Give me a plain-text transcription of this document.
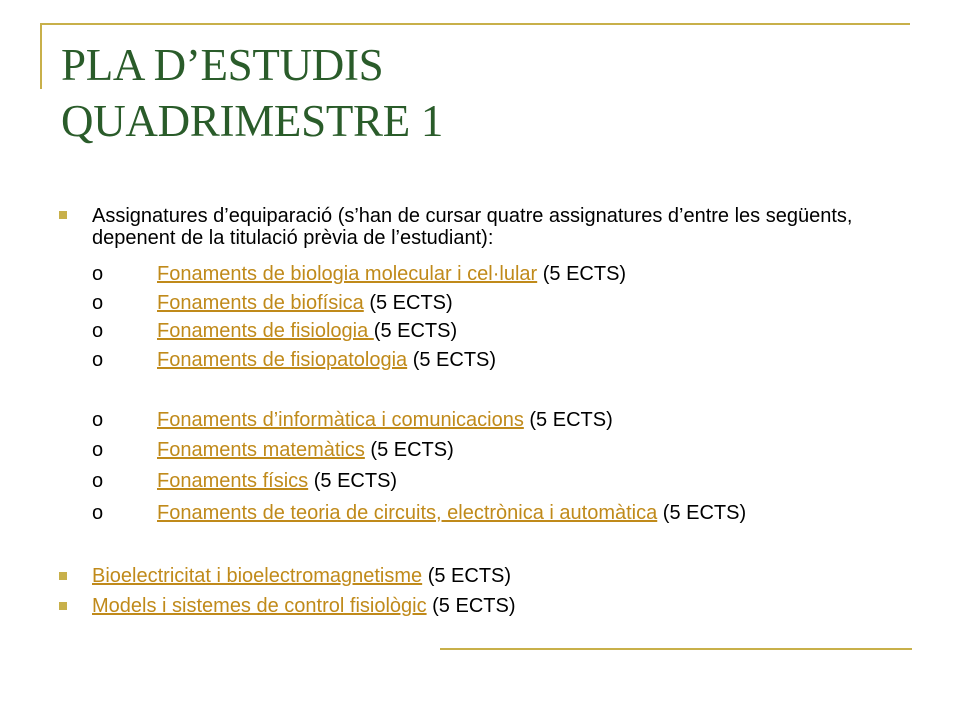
PLA D’ESTUDIS
QUADRIMESTRE 1
Assignatures d’equiparació (s’han de cursar quatre assignatures d’entre les següents, depenent de la titulació prèvia de l’estudiant):
o	Fonaments de biologia molecular i cel·lular (5 ECTS)
o	Fonaments de biofísica (5 ECTS)
o	Fonaments de fisiologia (5 ECTS)
o	Fonaments de fisiopatologia (5 ECTS)
o	Fonaments d’informàtica i comunicacions (5 ECTS)
o	Fonaments matemàtics (5 ECTS)
o	Fonaments físics (5 ECTS)
o	Fonaments de teoria de circuits, electrònica i automàtica (5 ECTS)
Bioelectricitat i bioelectromagnetisme (5 ECTS)
Models i sistemes de control fisiològic (5 ECTS)
